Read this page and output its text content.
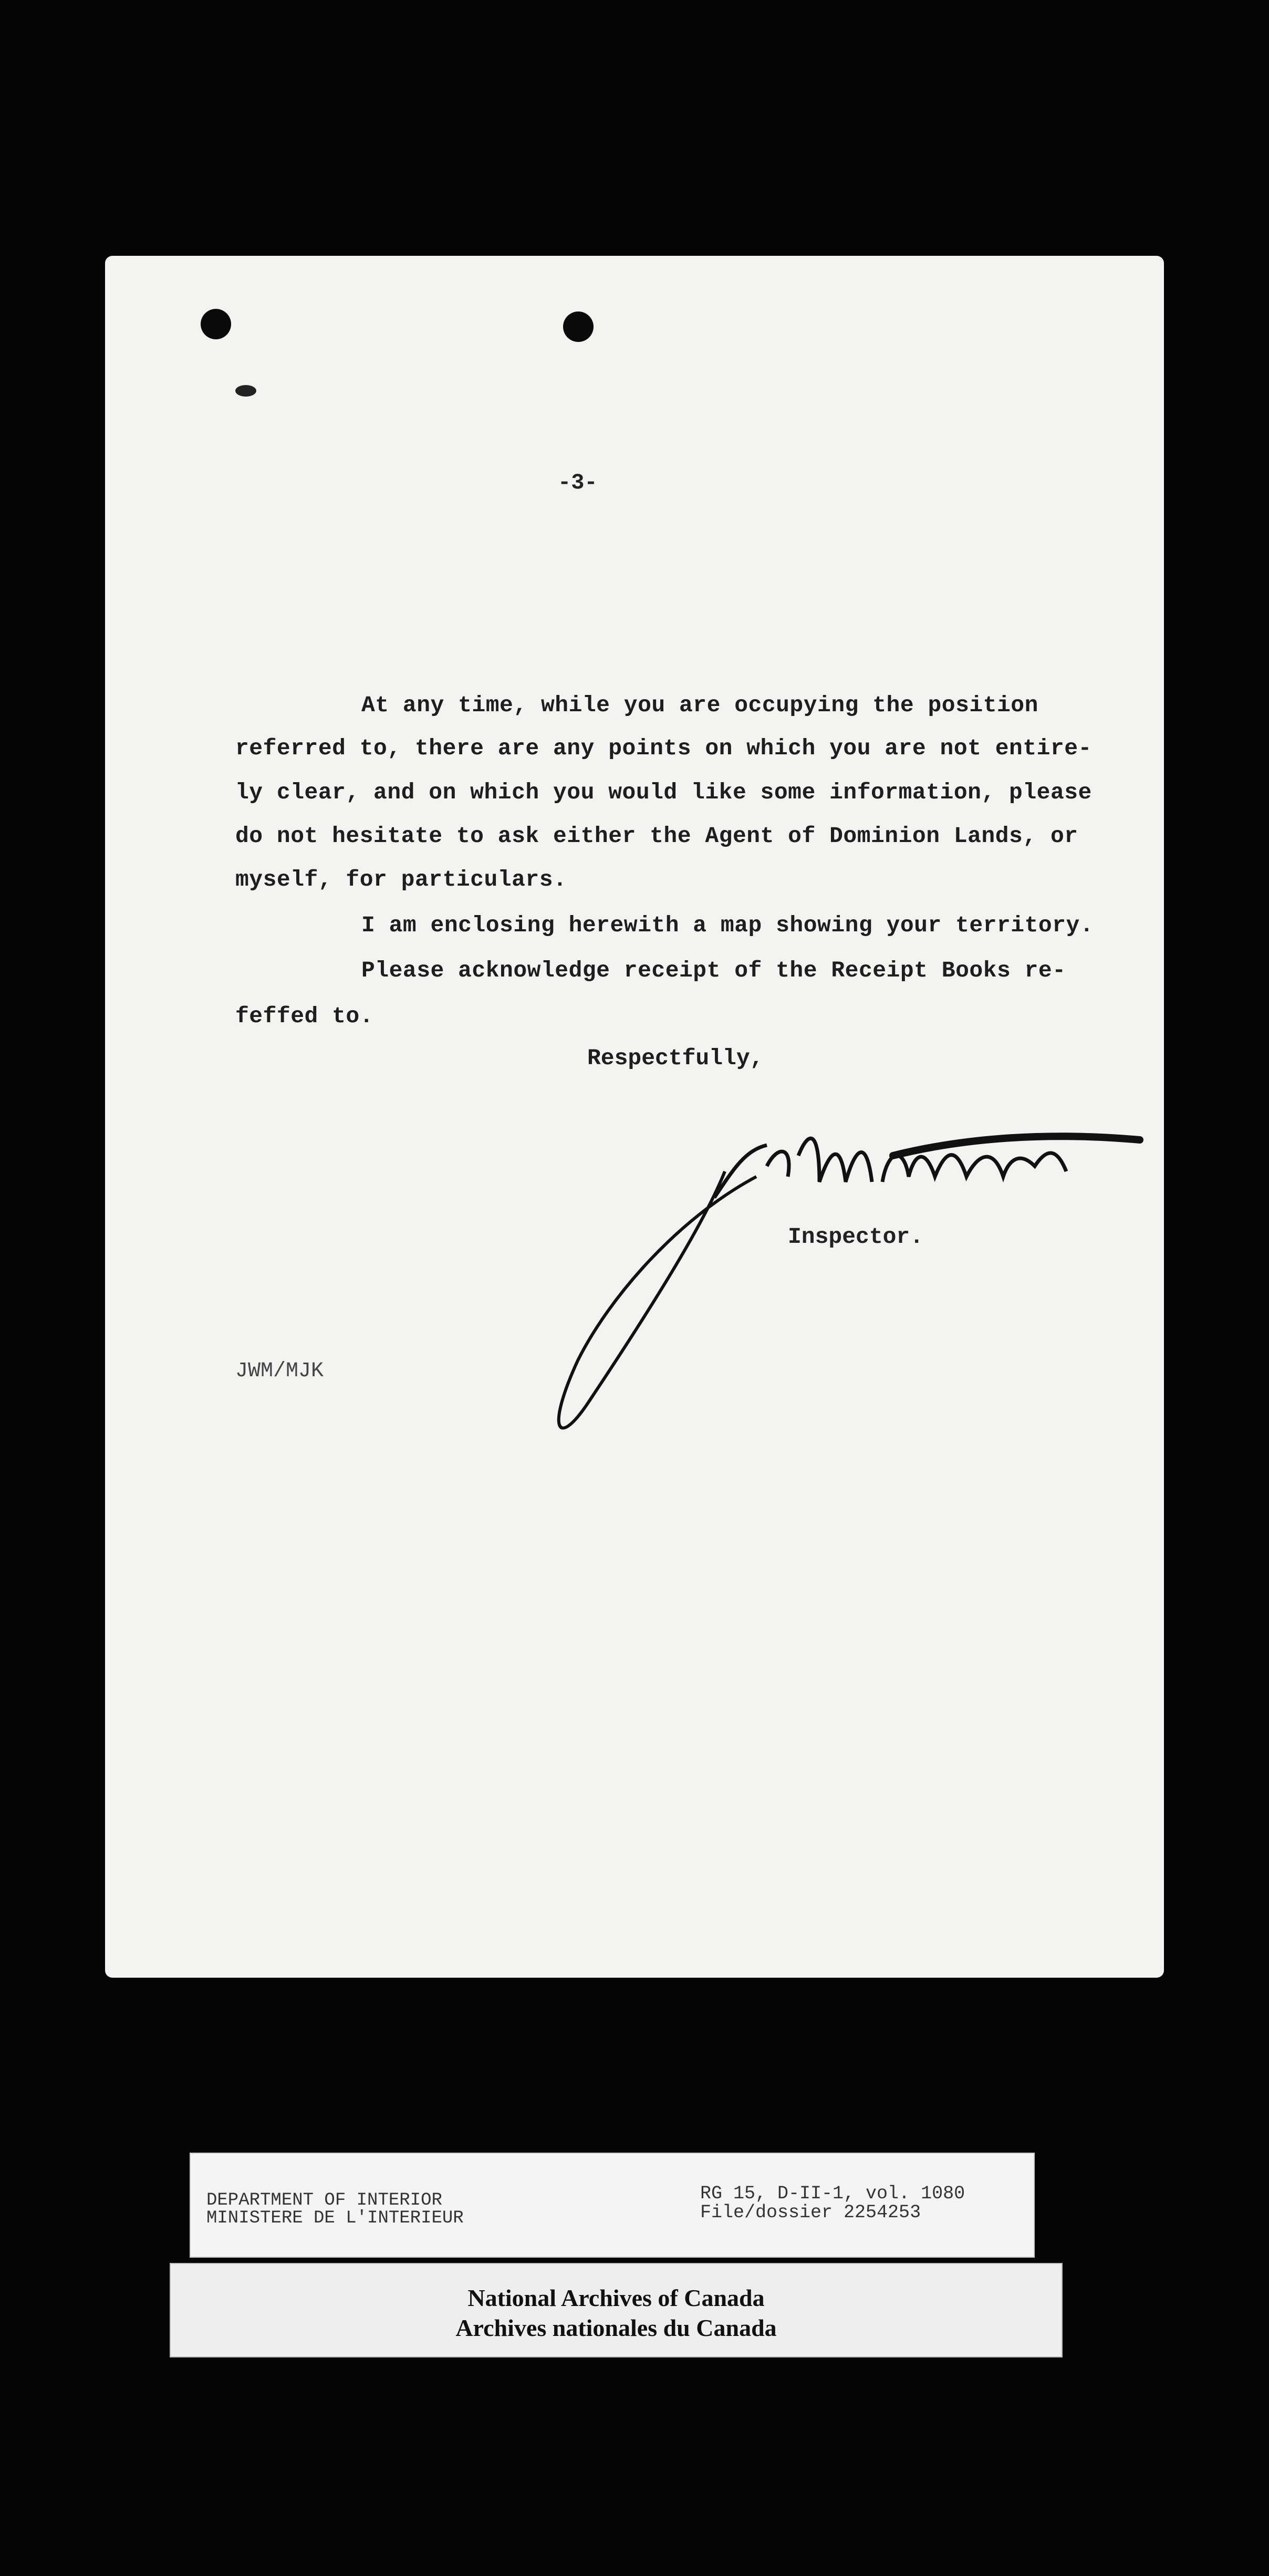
-3-
At any time, while you are occupying the position
referred to, there are any points on which you are not entire-
ly clear, and on which you would like some information, please
do not hesitate to ask either the Agent of Dominion Lands, or
myself, for particulars.
I am enclosing herewith a map showing your territory.
Please acknowledge receipt of the Receipt Books re-
feffed to.
Respectfully,
Inspector.
JWM/MJK
DEPARTMENT OF INTERIOR
MINISTERE DE L'INTERIEUR
RG 15, D-II-1, vol. 1080
File/dossier 2254253
National Archives of Canada
Archives nationales du Canada
